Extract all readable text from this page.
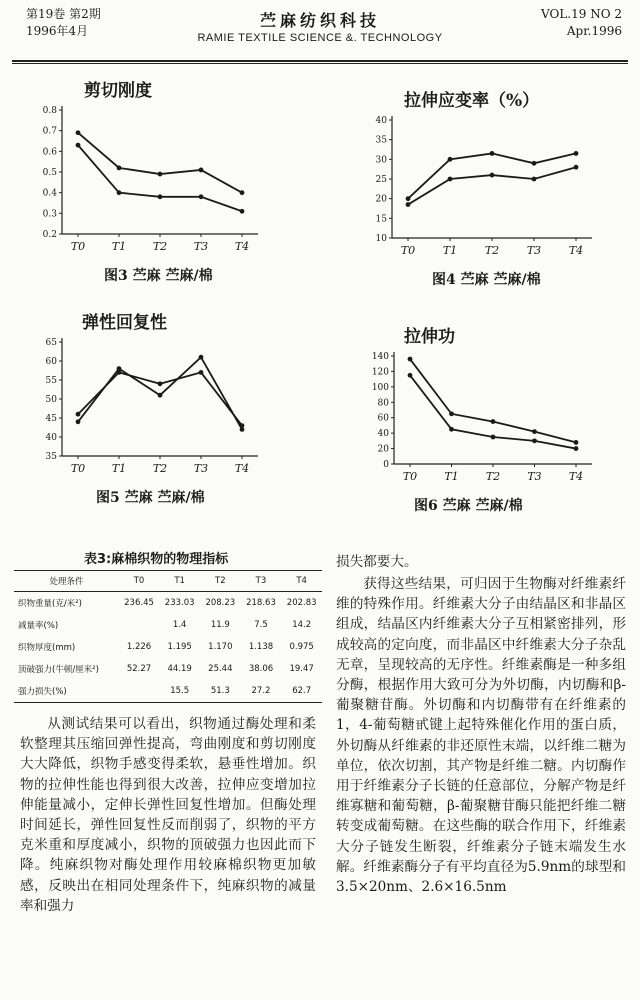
第19卷 第2期
1996年4月
苎麻纺织科技
RAMIE TEXTILE SCIENCE &. TECHNOLOGY
VOL.19 NO 2
Apr.1996
剪切刚度
0.8
0.7
0.6
0.5
0.4
0.3
0.2
T0 T1 T2 T3 T4
图3 苎麻 苎麻/棉
拉伸应变率（%）
40
35
30
25
20
15
10
T0	T1	T2	T3	T4
图4 苎麻 苎麻/棉
弹性回复性
65
60
55
50
45
40
35
T0 T1 T2 T3 T4
图5 苎麻 苎麻/棉
拉伸功
140
120
100
80
60
40
20
0
T0 T1 T2 T3 T4
图6 苎麻 苎麻/棉
表3:麻棉织物的物理指标
处理条件	T0	T1	T2	T3	T4
织物重量(克/米²)	236.45	233.03	208.23	218.63	202.83
减量率(%)		1.4	11.9	7.5	14.2
织物厚度(mm)	1.226	1.195	1.170	1.138	0.975
顶破强力(牛顿/厘米²)	52.27	44.19	25.44	38.06	19.47
强力损失(%)		15.5	51.3	27.2	62.7

从测试结果可以看出，织物通过酶处理和柔软整理其压缩回弹性提高，弯曲刚度和剪切刚度大大降低，织物手感变得柔软，悬垂性增加。织物的拉伸性能也得到很大改善，拉伸应变增加拉伸能量减小，定伸长弹性回复性增加。但酶处理时间延长，弹性回复性反而削弱了，织物的平方克米重和厚度减小，织物的顶破强力也因此而下降。纯麻织物对酶处理作用较麻棉织物更加敏感，反映出在相同处理条件下，纯麻织物的减量率和强力

损失都要大。

获得这些结果，可归因于生物酶对纤维素纤维的特殊作用。纤维素大分子由结晶区和非晶区组成，结晶区内纤维素大分子互相紧密排列，形成较高的定向度，而非晶区中纤维素大分子杂乱无章，呈现较高的无序性。纤维素酶是一种多组分酶，根据作用大致可分为外切酶，内切酶和β-葡聚糖苷酶。外切酶和内切酶带有在纤维素的1，4-葡萄糖甙键上起特殊催化作用的蛋白质，外切酶从纤维素的非还原性末端，以纤维二糖为单位，依次切割，其产物是纤维二糖。内切酶作用于纤维素分子长链的任意部位，分解产物是纤维寡糖和葡萄糖，β-葡聚糖苷酶只能把纤维二糖转变成葡萄糖。在这些酶的联合作用下，纤维素大分子链发生断裂，纤维素分子链末端发生水解。纤维素酶分子有平均直径为5.9nm的球型和3.5×20nm、2.6×16.5nm
